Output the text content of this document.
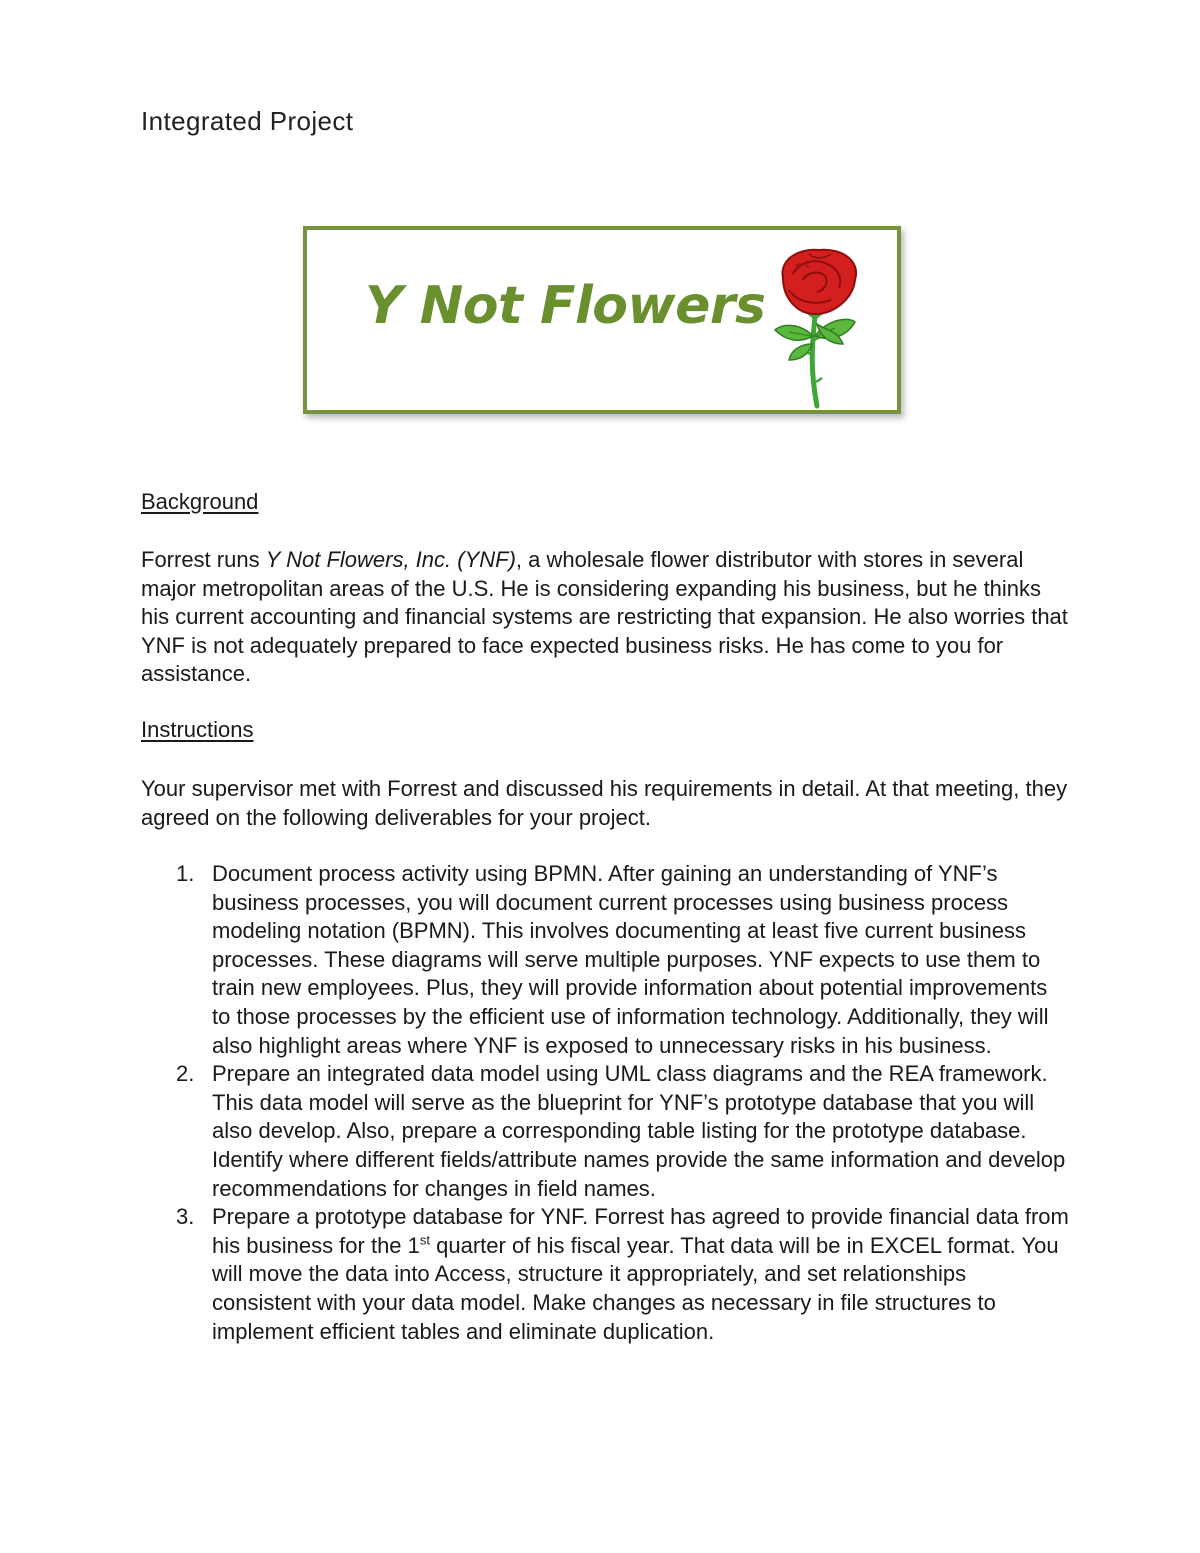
Integrated Project
Y Not Flowers
Background

Forrest runs Y Not Flowers, Inc. (YNF), a wholesale flower distributor with stores in several major metropolitan areas of the U.S. He is considering expanding his business, but he thinks his current accounting and financial systems are restricting that expansion. He also worries that YNF is not adequately prepared to face expected business risks. He has come to you for assistance.

Instructions

Your supervisor met with Forrest and discussed his requirements in detail. At that meeting, they agreed on the following deliverables for your project.

1. Document process activity using BPMN. After gaining an understanding of YNF’s business processes, you will document current processes using business process modeling notation (BPMN). This involves documenting at least five current business processes. These diagrams will serve multiple purposes. YNF expects to use them to train new employees. Plus, they will provide information about potential improvements to those processes by the efficient use of information technology. Additionally, they will also highlight areas where YNF is exposed to unnecessary risks in his business.
2. Prepare an integrated data model using UML class diagrams and the REA framework. This data model will serve as the blueprint for YNF’s prototype database that you will also develop. Also, prepare a corresponding table listing for the prototype database. Identify where different fields/attribute names provide the same information and develop recommendations for changes in field names.
3. Prepare a prototype database for YNF. Forrest has agreed to provide financial data from his business for the 1st quarter of his fiscal year. That data will be in EXCEL format. You will move the data into Access, structure it appropriately, and set relationships consistent with your data model. Make changes as necessary in file structures to implement efficient tables and eliminate duplication.
